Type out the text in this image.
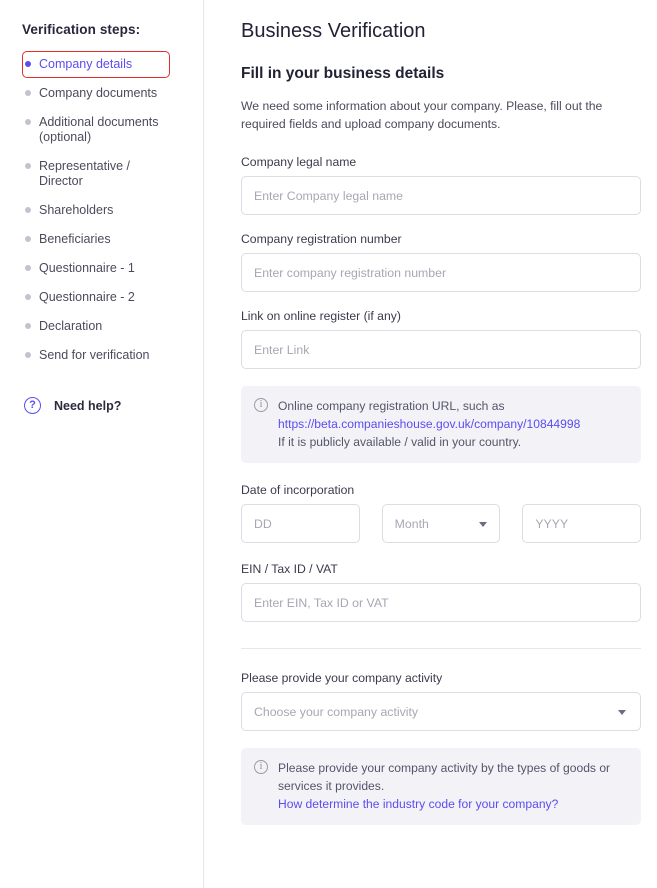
Verification steps:
Company details
Company documents
Additional documents
(optional)
Representative / Director
Shareholders
Beneficiaries
Questionnaire - 1
Questionnaire - 2
Declaration
Send for verification
?	Need help?
Business Verification
Fill in your business details

We need some information about your company. Please, fill out the required fields and upload company documents.

Company legal name
Enter Company legal name
Company registration number
Enter company registration number
Link on online register (if any)
Enter Link
i	Online company registration URL, such as
https://beta.companieshouse.gov.uk/company/10844998
If it is publicly available / valid in your country.
Date of incorporation
DD	Month	YYYY
EIN / Tax ID / VAT
Enter EIN, Tax ID or VAT
Please provide your company activity
Choose your company activity
i	Please provide your company activity by the types of goods or services it provides.
How determine the industry code for your company?
